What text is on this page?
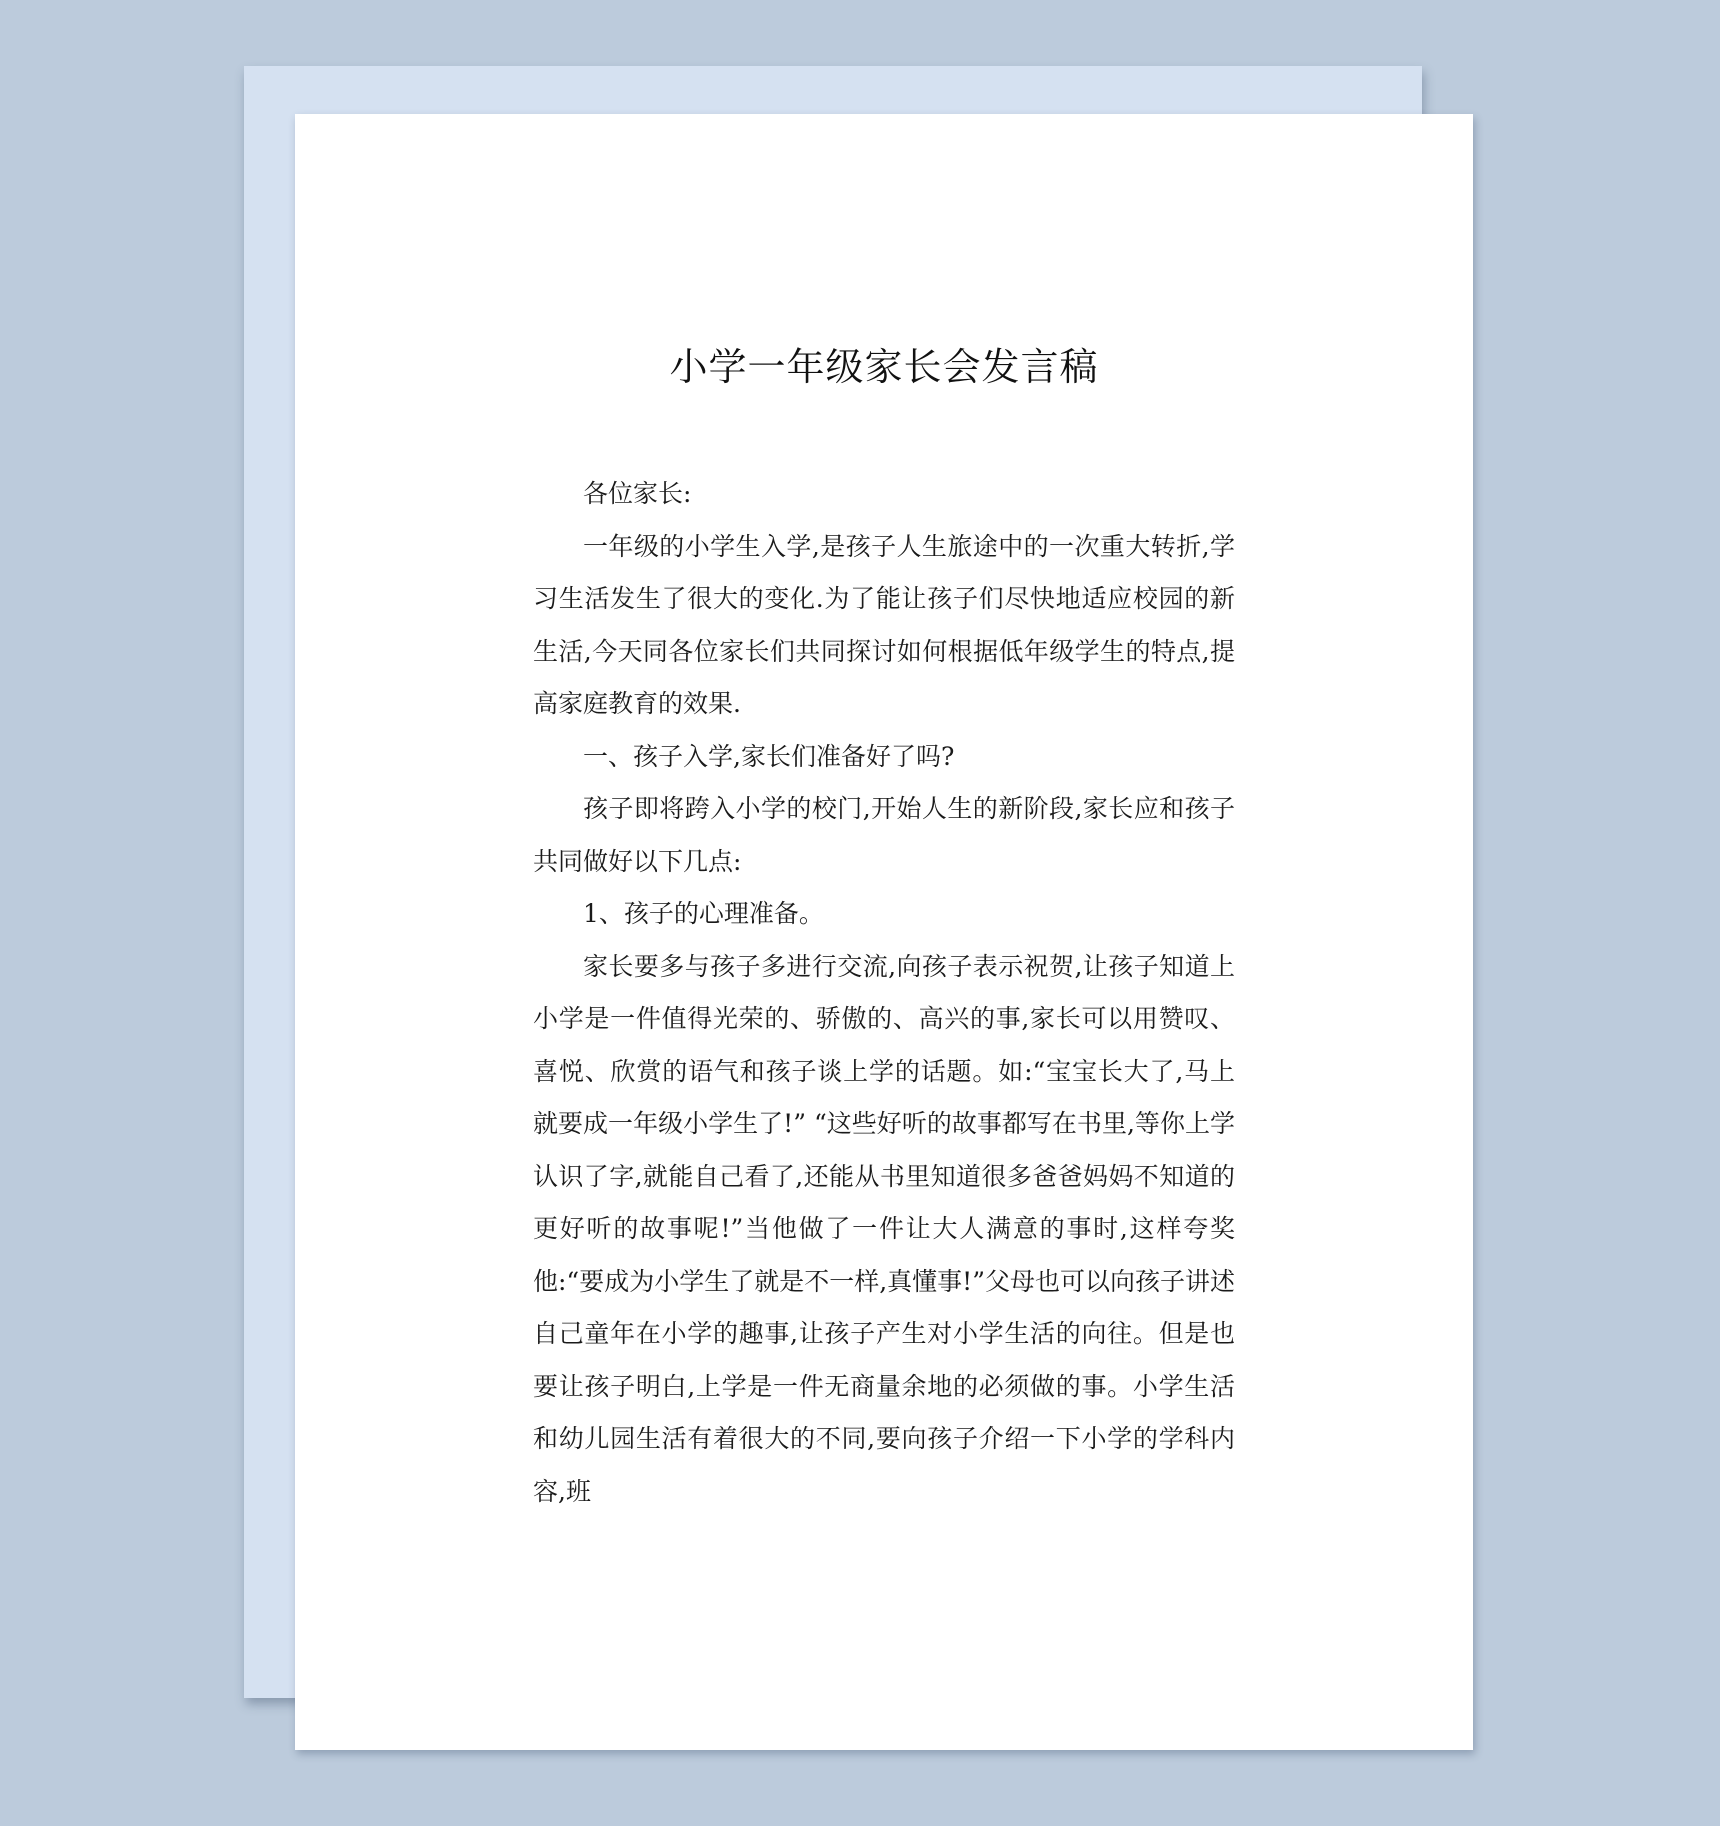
小学一年级家长会发言稿

各位家长:

一年级的小学生入学,是孩子人生旅途中的一次重大转折,学习生活发生了很大的变化.为了能让孩子们尽快地适应校园的新生活,今天同各位家长们共同探讨如何根据低年级学生的特点,提高家庭教育的效果.

一、孩子入学,家长们准备好了吗?

孩子即将跨入小学的校门,开始人生的新阶段,家长应和孩子共同做好以下几点:

1、孩子的心理准备。

家长要多与孩子多进行交流,向孩子表示祝贺,让孩子知道上小学是一件值得光荣的、骄傲的、高兴的事,家长可以用赞叹、喜悦、欣赏的语气和孩子谈上学的话题。如:“宝宝长大了,马上就要成一年级小学生了!” “这些好听的故事都写在书里,等你上学认识了字,就能自己看了,还能从书里知道很多爸爸妈妈不知道的更好听的故事呢!”当他做了一件让大人满意的事时,这样夸奖他:“要成为小学生了就是不一样,真懂事!”父母也可以向孩子讲述自己童年在小学的趣事,让孩子产生对小学生活的向往。但是也要让孩子明白,上学是一件无商量余地的必须做的事。小学生活和幼儿园生活有着很大的不同,要向孩子介绍一下小学的学科内容,班
